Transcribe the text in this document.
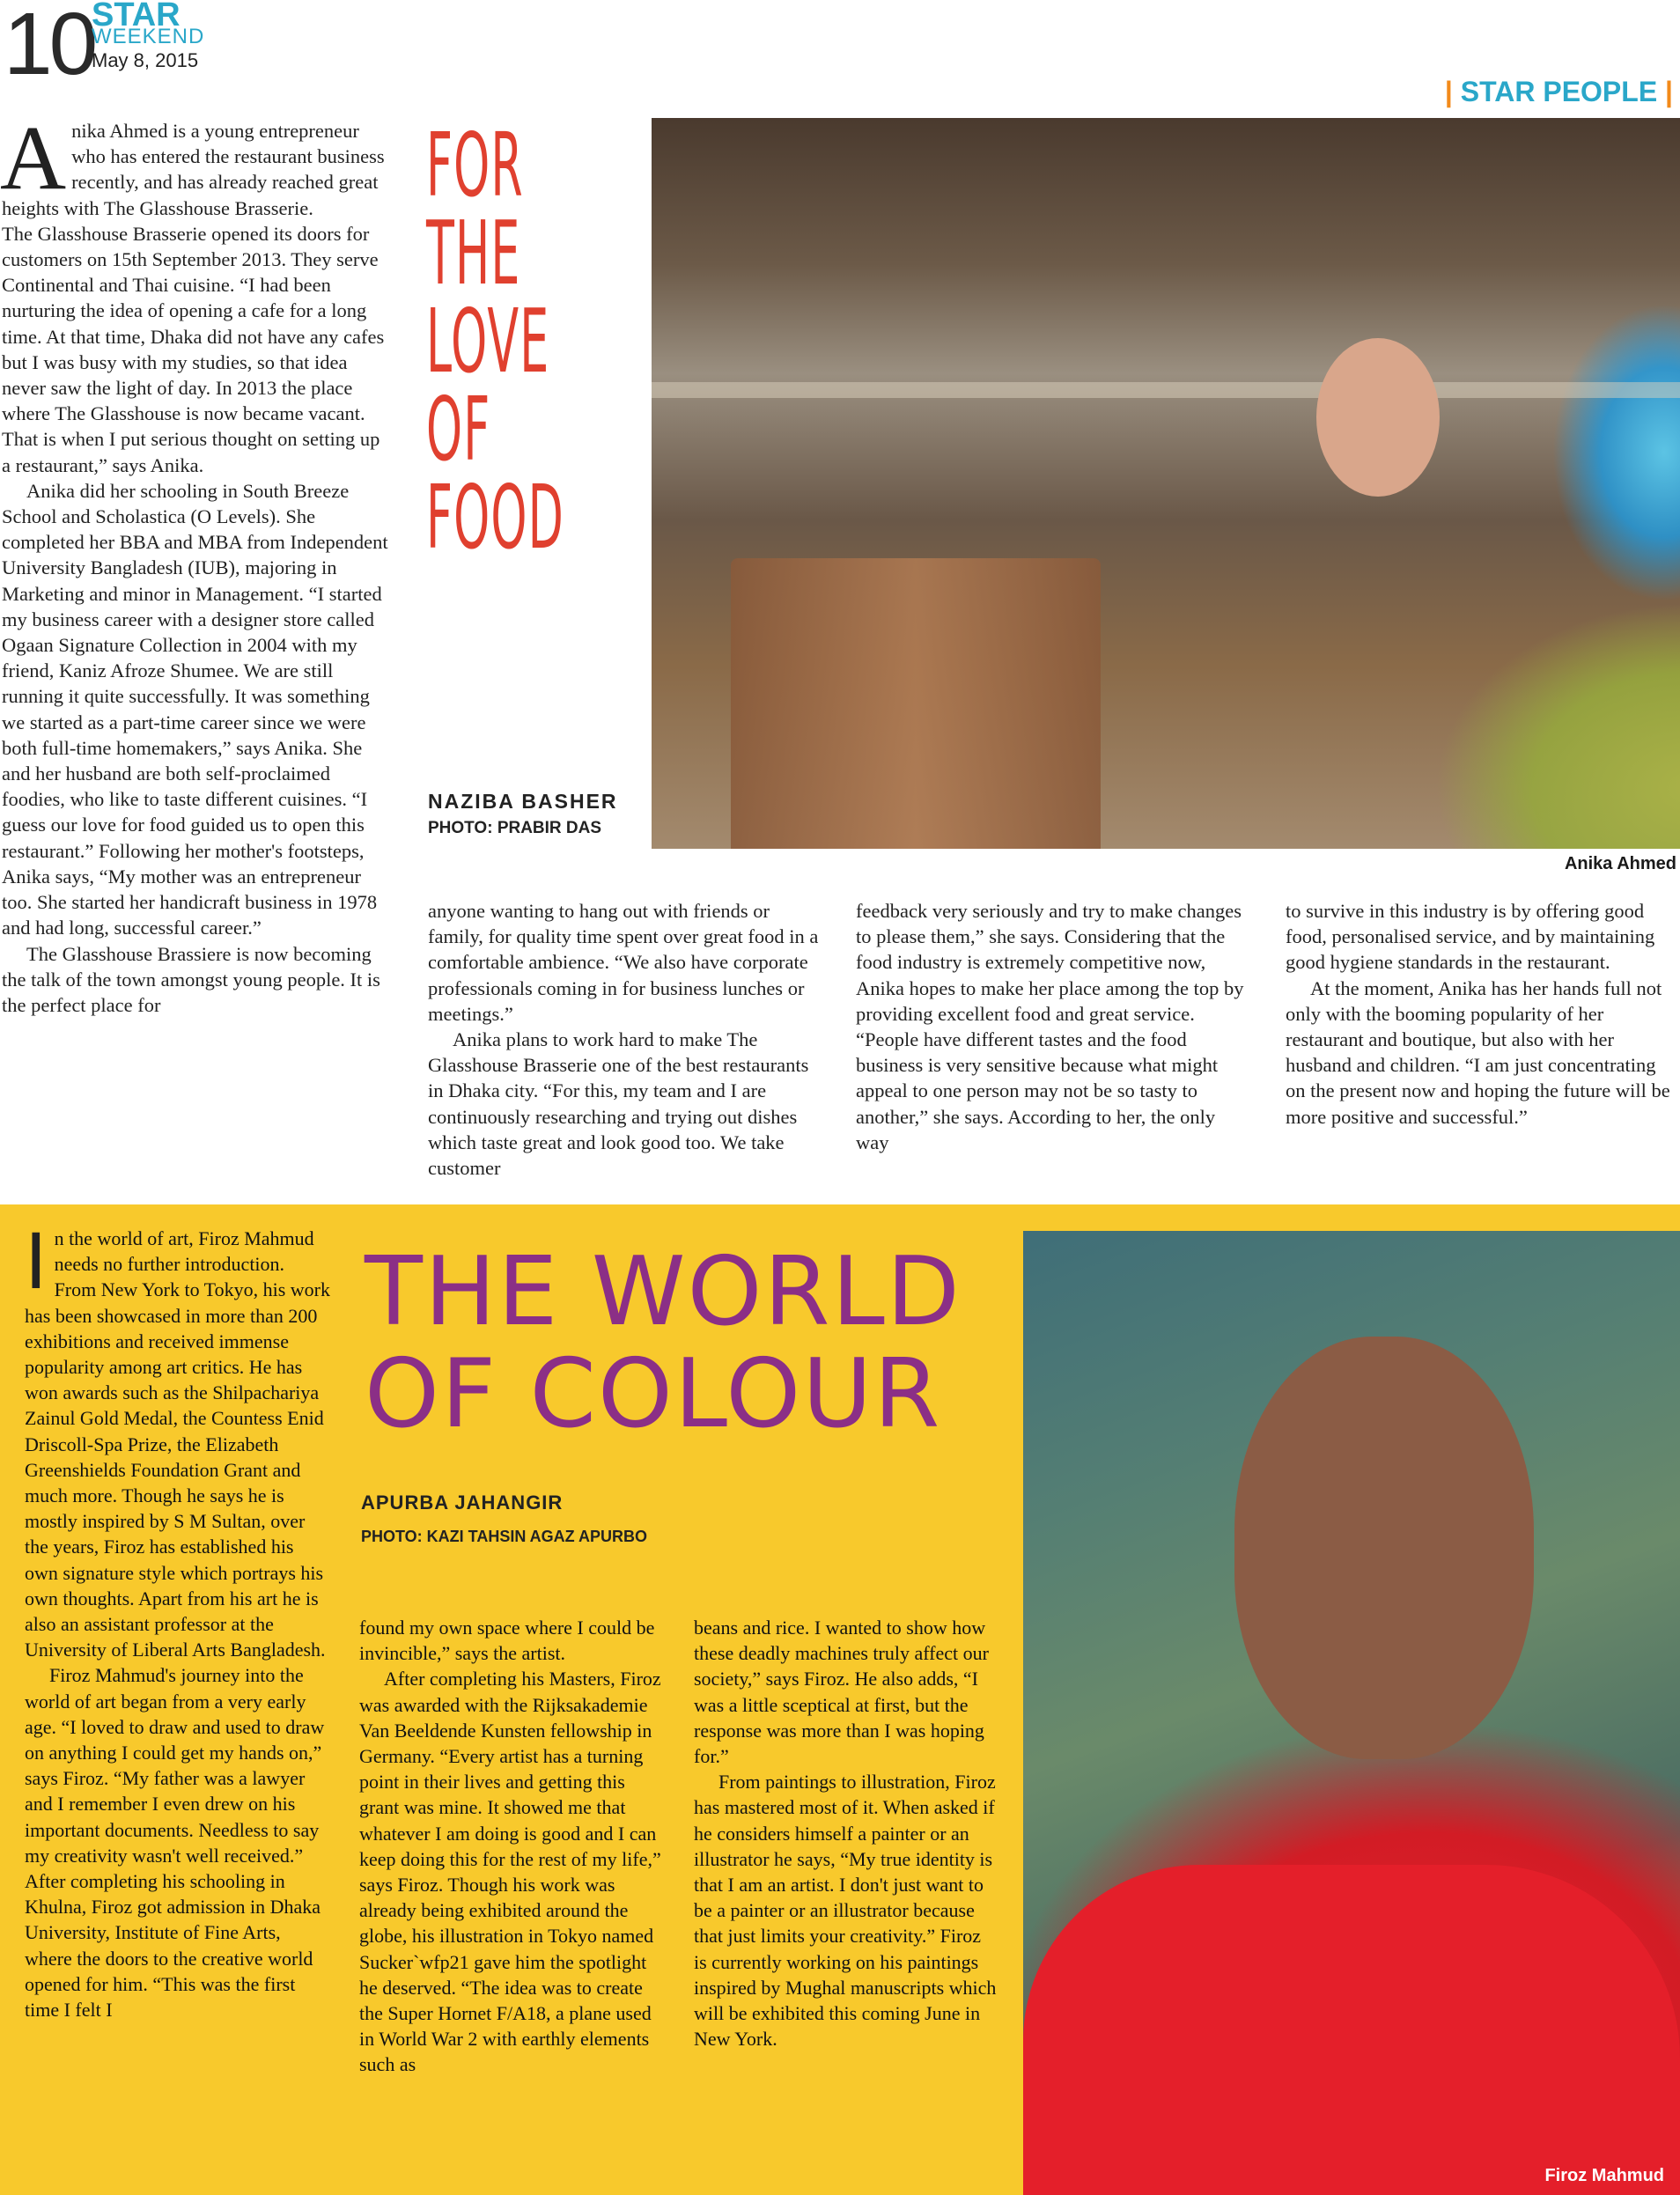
10
STAR
WEEKEND
May 8, 2015
| STAR PEOPLE |
A nika Ahmed is a young entrepreneur who has entered the restaurant business recently, and has already reached great heights with The Glasshouse Brasserie.

The Glasshouse Brasserie opened its doors for customers on 15th September 2013. They serve Continental and Thai cuisine. “I had been nurturing the idea of opening a cafe for a long time. At that time, Dhaka did not have any cafes but I was busy with my studies, so that idea never saw the light of day. In 2013 the place where The Glasshouse is now became vacant. That is when I put serious thought on setting up a restaurant,” says Anika.

Anika did her schooling in South Breeze School and Scholastica (O Levels). She completed her BBA and MBA from Independent University Bangladesh (IUB), majoring in Marketing and minor in Management. “I started my business career with a designer store called Ogaan Signature Collection in 2004 with my friend, Kaniz Afroze Shumee. We are still running it quite successfully. It was something we started as a part-time career since we were both full-time homemakers,” says Anika. She and her husband are both self-proclaimed foodies, who like to taste different cuisines. “I guess our love for food guided us to open this restaurant.” Following her mother's footsteps, Anika says, “My mother was an entrepreneur too. She started her handicraft business in 1978 and had long, successful career.”

The Glasshouse Brassiere is now becoming the talk of the town amongst young people. It is the perfect place for

FOR
THE
LOVE
OF
FOOD
NAZIBA BASHER
PHOTO: PRABIR DAS
Anika Ahmed

anyone wanting to hang out with friends or family, for quality time spent over great food in a comfortable ambience. “We also have corporate professionals coming in for business lunches or meetings.”

Anika plans to work hard to make The Glasshouse Brasserie one of the best restaurants in Dhaka city. “For this, my team and I are continuously researching and trying out dishes which taste great and look good too. We take customer

feedback very seriously and try to make changes to please them,” she says. Considering that the food industry is extremely competitive now, Anika hopes to make her place among the top by providing excellent food and great service. “People have different tastes and the food business is very sensitive because what might appeal to one person may not be so tasty to another,” she says. According to her, the only way

to survive in this industry is by offering good food, personalised service, and by maintaining good hygiene standards in the restaurant.

At the moment, Anika has her hands full not only with the booming popularity of her restaurant and boutique, but also with her husband and children. “I am just concentrating on the present now and hoping the future will be more positive and successful.”

I n the world of art, Firoz Mahmud needs no further introduction. From New York to Tokyo, his work has been showcased in more than 200 exhibitions and received immense popularity among art critics. He has won awards such as the Shilpachariya Zainul Gold Medal, the Countess Enid Driscoll-Spa Prize, the Elizabeth Greenshields Foundation Grant and much more. Though he says he is mostly inspired by S M Sultan, over the years, Firoz has established his own signature style which portrays his own thoughts. Apart from his art he is also an assistant professor at the University of Liberal Arts Bangladesh.

Firoz Mahmud's journey into the world of art began from a very early age. “I loved to draw and used to draw on anything I could get my hands on,” says Firoz. “My father was a lawyer and I remember I even drew on his important documents. Needless to say my creativity wasn't well received.” After completing his schooling in Khulna, Firoz got admission in Dhaka University, Institute of Fine Arts, where the doors to the creative world opened for him. “This was the first time I felt I

THE WORLD
OF COLOUR
APURBA JAHANGIR
PHOTO: KAZI TAHSIN AGAZ APURBO

found my own space where I could be invincible,” says the artist.

After completing his Masters, Firoz was awarded with the Rijksakademie Van Beeldende Kunsten fellowship in Germany. “Every artist has a turning point in their lives and getting this grant was mine. It showed me that whatever I am doing is good and I can keep doing this for the rest of my life,” says Firoz. Though his work was already being exhibited around the globe, his illustration in Tokyo named Sucker`wfp21 gave him the spotlight he deserved. “The idea was to create the Super Hornet F/A18, a plane used in World War 2 with earthly elements such as

beans and rice. I wanted to show how these deadly machines truly affect our society,” says Firoz. He also adds, “I was a little sceptical at first, but the response was more than I was hoping for.”

From paintings to illustration, Firoz has mastered most of it. When asked if he considers himself a painter or an illustrator he says, “My true identity is that I am an artist. I don't just want to be a painter or an illustrator because that just limits your creativity.” Firoz is currently working on his paintings inspired by Mughal manuscripts which will be exhibited this coming June in New York.

Firoz Mahmud
